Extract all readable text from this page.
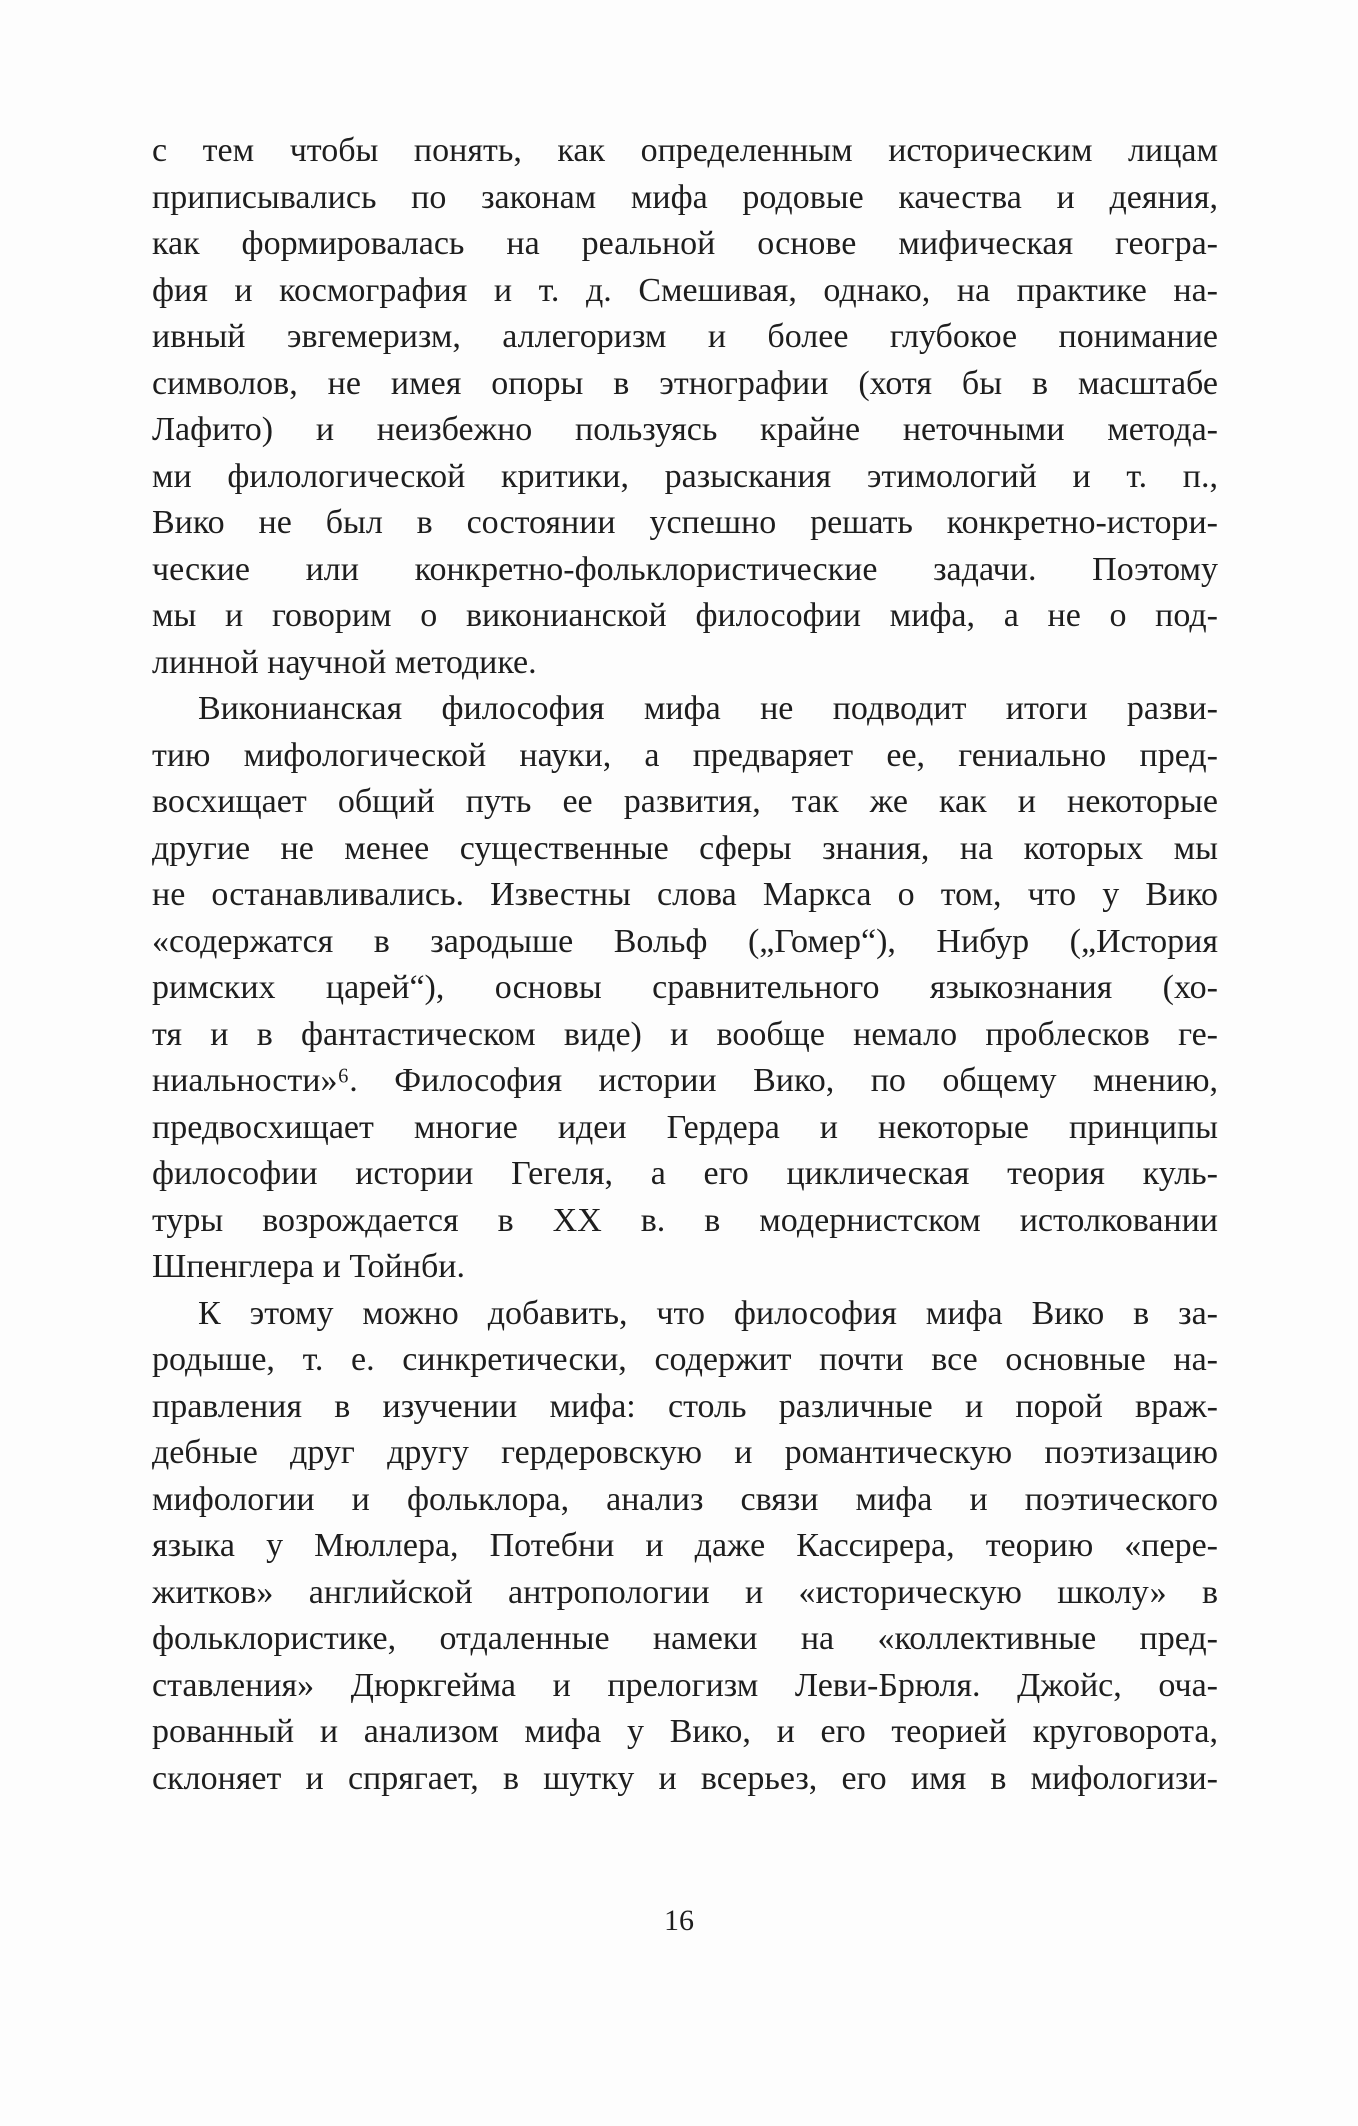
с тем чтобы понять, как определенным историческим лицам
приписывались по законам мифа родовые качества и деяния,
как формировалась на реальной основе мифическая геогра-
фия и космография и т. д. Смешивая, однако, на практике на-
ивный эвгемеризм, аллегоризм и более глубокое понимание
символов, не имея опоры в этнографии (хотя бы в масштабе
Лафито) и неизбежно пользуясь крайне неточными метода-
ми филологической критики, разыскания этимологий и т. п.,
Вико не был в состоянии успешно решать конкретно-истори-
ческие или конкретно-фольклористические задачи. Поэтому
мы и говорим о виконианской философии мифа, а не о под-
линной научной методике.
Виконианская философия мифа не подводит итоги разви-
тию мифологической науки, а предваряет ее, гениально пред-
восхищает общий путь ее развития, так же как и некоторые
другие не менее существенные сферы знания, на которых мы
не останавливались. Известны слова Маркса о том, что у Вико
«содержатся в зародыше Вольф („Гомер“), Нибур („История
римских царей“), основы сравнительного языкознания (хо-
тя и в фантастическом виде) и вообще немало проблесков ге-
ниальности»⁶. Философия истории Вико, по общему мнению,
предвосхищает многие идеи Гердера и некоторые принципы
философии истории Гегеля, а его циклическая теория куль-
туры возрождается в XX в. в модернистском истолковании
Шпенглера и Тойнби.
К этому можно добавить, что философия мифа Вико в за-
родыше, т. е. синкретически, содержит почти все основные на-
правления в изучении мифа: столь различные и порой враж-
дебные друг другу гердеровскую и романтическую поэтизацию
мифологии и фольклора, анализ связи мифа и поэтического
языка у Мюллера, Потебни и даже Кассирера, теорию «пере-
житков» английской антропологии и «историческую школу» в
фольклористике, отдаленные намеки на «коллективные пред-
ставления» Дюркгейма и прелогизм Леви-Брюля. Джойс, оча-
рованный и анализом мифа у Вико, и его теорией круговорота,
склоняет и спрягает, в шутку и всерьез, его имя в мифологизи-
16
